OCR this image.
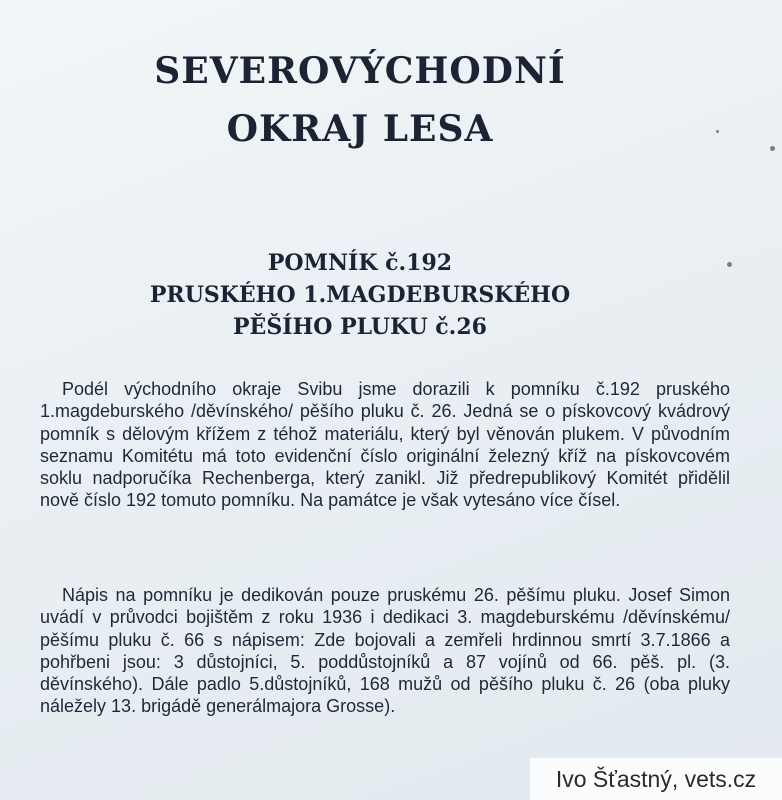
SEVEROVÝCHODNÍ
OKRAJ LESA
POMNÍK č.192
PRUSKÉHO 1.MAGDEBURSKÉHO
PĚŠÍHO PLUKU č.26

Podél východního okraje Svibu jsme dorazili k pomníku č.192 pruského 1.magdeburského /děvínského/ pěšího pluku č. 26. Jedná se o pískovcový kvádrový pomník s dělovým křížem z téhož materiálu, který byl věnován plukem. V původním seznamu Komitétu má toto evidenční číslo originální železný kříž na pískovcovém soklu nadporučíka Rechenberga, který zanikl. Již předrepublikový Komitét přidělil nově číslo 192 tomuto pomníku. Na památce je však vytesáno více čísel.

Nápis na pomníku je dedikován pouze pruskému 26. pěšímu pluku. Josef Simon uvádí v průvodci bojištěm z roku 1936 i dedikaci 3. magdeburskému /děvínskému/ pěšímu pluku č. 66 s nápisem: Zde bojovali a zemřeli hrdinnou smrtí 3.7.1866 a pohřbeni jsou: 3 důstojníci, 5. poddůstojníků a 87 vojínů od 66. pěš. pl. (3. děvínského). Dále padlo 5.důstojníků, 168 mužů od pěšího pluku č. 26 (oba pluky náležely 13. brigádě generálmajora Grosse).

Ivo Šťastný, vets.cz
